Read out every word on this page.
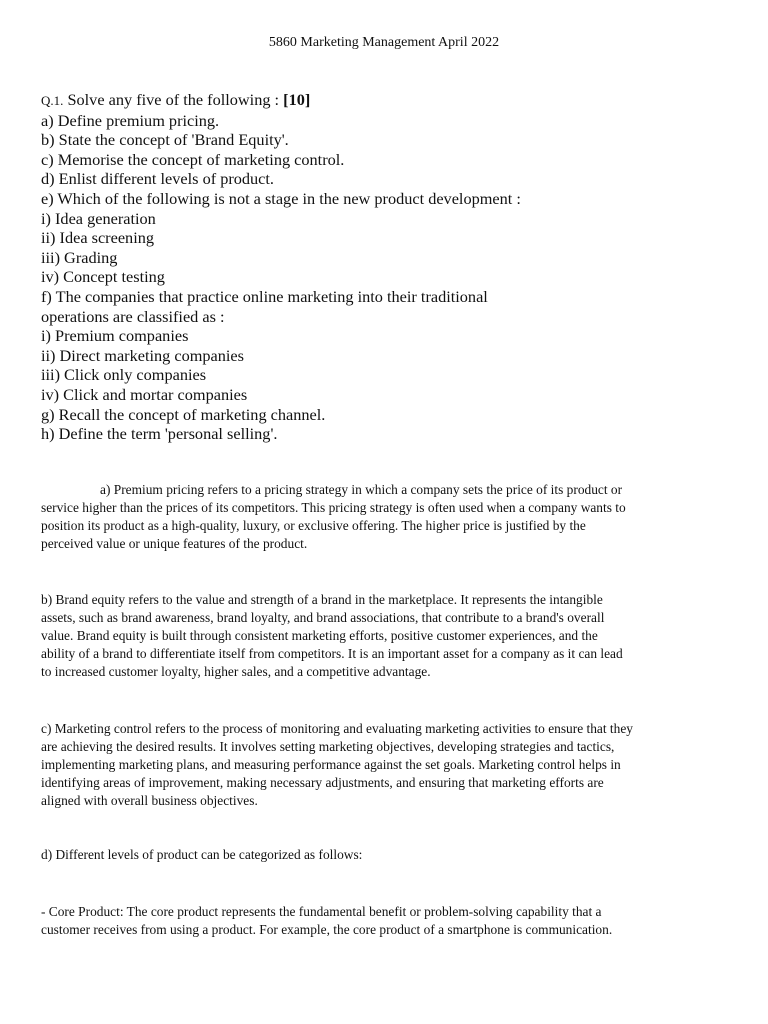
5860 Marketing Management April 2022
Q.1. Solve any five of the following : [10]
a) Define premium pricing.
b) State the concept of 'Brand Equity'.
c) Memorise the concept of marketing control.
d) Enlist different levels of product.
e) Which of the following is not a stage in the new product development :
i) Idea generation
ii) Idea screening
iii) Grading
iv) Concept testing
f) The companies that practice online marketing into their traditional
operations are classified as :
i) Premium companies
ii) Direct marketing companies
iii) Click only companies
iv) Click and mortar companies
g) Recall the concept of marketing channel.
h) Define the term 'personal selling'.
a) Premium pricing refers to a pricing strategy in which a company sets the price of its product or
service higher than the prices of its competitors. This pricing strategy is often used when a company wants to
position its product as a high-quality, luxury, or exclusive offering. The higher price is justified by the
perceived value or unique features of the product.
b) Brand equity refers to the value and strength of a brand in the marketplace. It represents the intangible
assets, such as brand awareness, brand loyalty, and brand associations, that contribute to a brand's overall
value. Brand equity is built through consistent marketing efforts, positive customer experiences, and the
ability of a brand to differentiate itself from competitors. It is an important asset for a company as it can lead
to increased customer loyalty, higher sales, and a competitive advantage.
c) Marketing control refers to the process of monitoring and evaluating marketing activities to ensure that they
are achieving the desired results. It involves setting marketing objectives, developing strategies and tactics,
implementing marketing plans, and measuring performance against the set goals. Marketing control helps in
identifying areas of improvement, making necessary adjustments, and ensuring that marketing efforts are
aligned with overall business objectives.
d) Different levels of product can be categorized as follows:
- Core Product: The core product represents the fundamental benefit or problem-solving capability that a
customer receives from using a product. For example, the core product of a smartphone is communication.
